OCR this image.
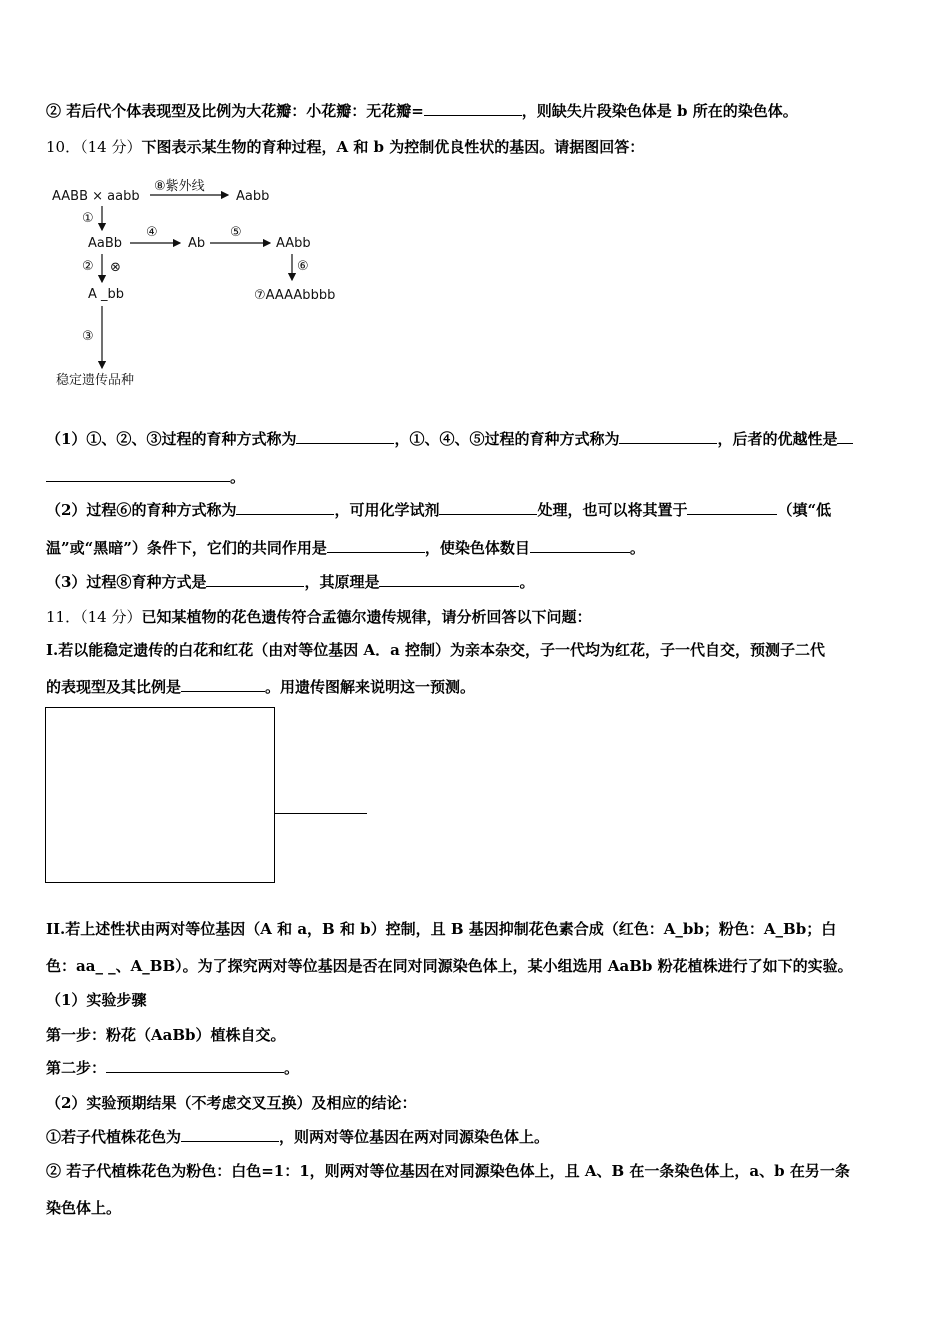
② 若后代个体表现型及比例为大花瓣：小花瓣：无花瓣=	，则缺失片段染色体是 b 所在的染色体。
10．（14 分）下图表示某生物的育种过程，A 和 b 为控制优良性状的基因。请据图回答：
AABB × aabb
⑧紫外线
Aabb
①
AaBb
④
Ab
⑤
AAbb
② ⊗	⑥
A _bb	⑦AAAAbbbb
③
稳定遗传品种
（1）①、②、③过程的育种方式称为	，①、④、⑤过程的育种方式称为	，后者的优越性是
。
（2）过程⑥的育种方式称为	，可用化学试剂	处理，也可以将其置于	（填“低
温”或“黑暗”）条件下，它们的共同作用是	，使染色体数目	。
（3）过程⑧育种方式是	，其原理是	。
11．（14 分）已知某植物的花色遗传符合孟德尔遗传规律，请分析回答以下问题：
I.若以能稳定遗传的白花和红花（由对等位基因 A．a 控制）为亲本杂交，子一代均为红花，子一代自交，预测子二代
的表现型及其比例是	。用遗传图解来说明这一预测。
II.若上述性状由两对等位基因（A 和 a，B 和 b）控制，且 B 基因抑制花色素合成（红色：A_bb；粉色：A_Bb；白
色：aa_ _、A_BB）。为了探究两对等位基因是否在同对同源染色体上，某小组选用 AaBb 粉花植株进行了如下的实验。
（1）实验步骤
第一步：粉花（AaBb）植株自交。
第二步：	。
（2）实验预期结果（不考虑交叉互换）及相应的结论：
①若子代植株花色为	，则两对等位基因在两对同源染色体上。
② 若子代植株花色为粉色：白色=1：1，则两对等位基因在对同源染色体上，且 A、B 在一条染色体上，a、b 在另一条
染色体上。
